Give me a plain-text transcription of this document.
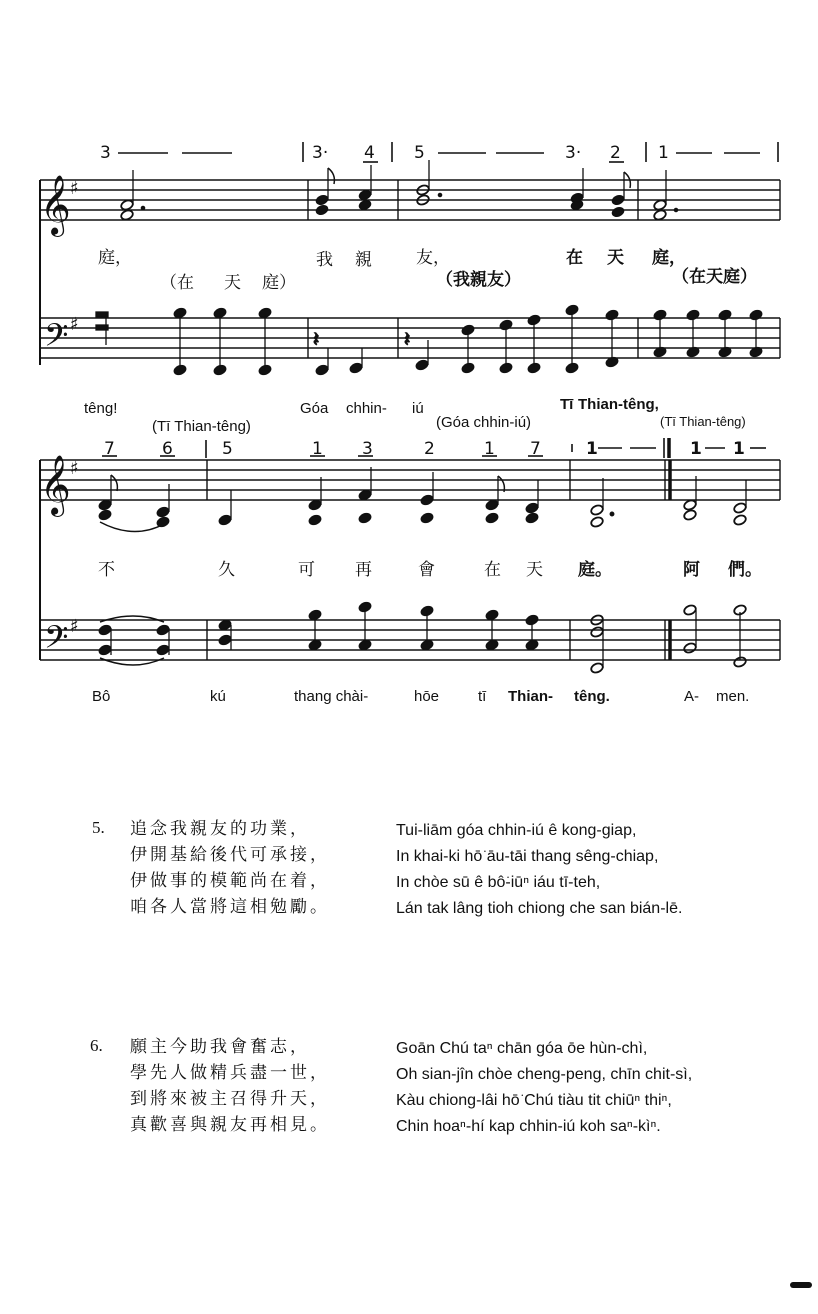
𝄞 ♯
𝄢 ♯
𝄽	𝄽
𝄞 ♯
𝄢 ♯
3	3· 4 5	3· 2 1
庭，	我 親	友，	在 天 庭，
（在 天 庭）	（我親友）	（在天庭）
têng!	Góa chhin- iú	Tī Thian-têng,
(Tī Thian-têng)	(Góa chhin-iú)	(Tī Thian-têng)
7	6	5	1 3	2	1 7	1	1 1
不	久	可 再	會	在 天 庭。	阿 們。
Bô	kú	thang chài-	hōe	tī Thian- têng.	A- men.
5. 追念我親友的功業，
伊開基給後代可承接，
伊做事的模範尚在着，
咱各人當將這相勉勵。
Tui-liām góa chhin-iú ê kong-giap,
In khai-ki hō͘ āu-tāi thang sêng-chiap,
In chòe sū ê bô͘-iūⁿ iáu tī-teh,
Lán tak lâng tioh chiong che san bián-lē.
6. 願主今助我會奮志，
學先人做精兵盡一世，
到將來被主召得升天，
真歡喜與親友再相見。
Goān Chú taⁿ chān góa ōe hùn-chì,
Oh sian-jîn chòe cheng-peng, chīn chit-sì,
Kàu chiong-lâi hō͘ Chú tiàu tit chiūⁿ thiⁿ,
Chin hoaⁿ-hí kap chhin-iú koh saⁿ-kìⁿ.
